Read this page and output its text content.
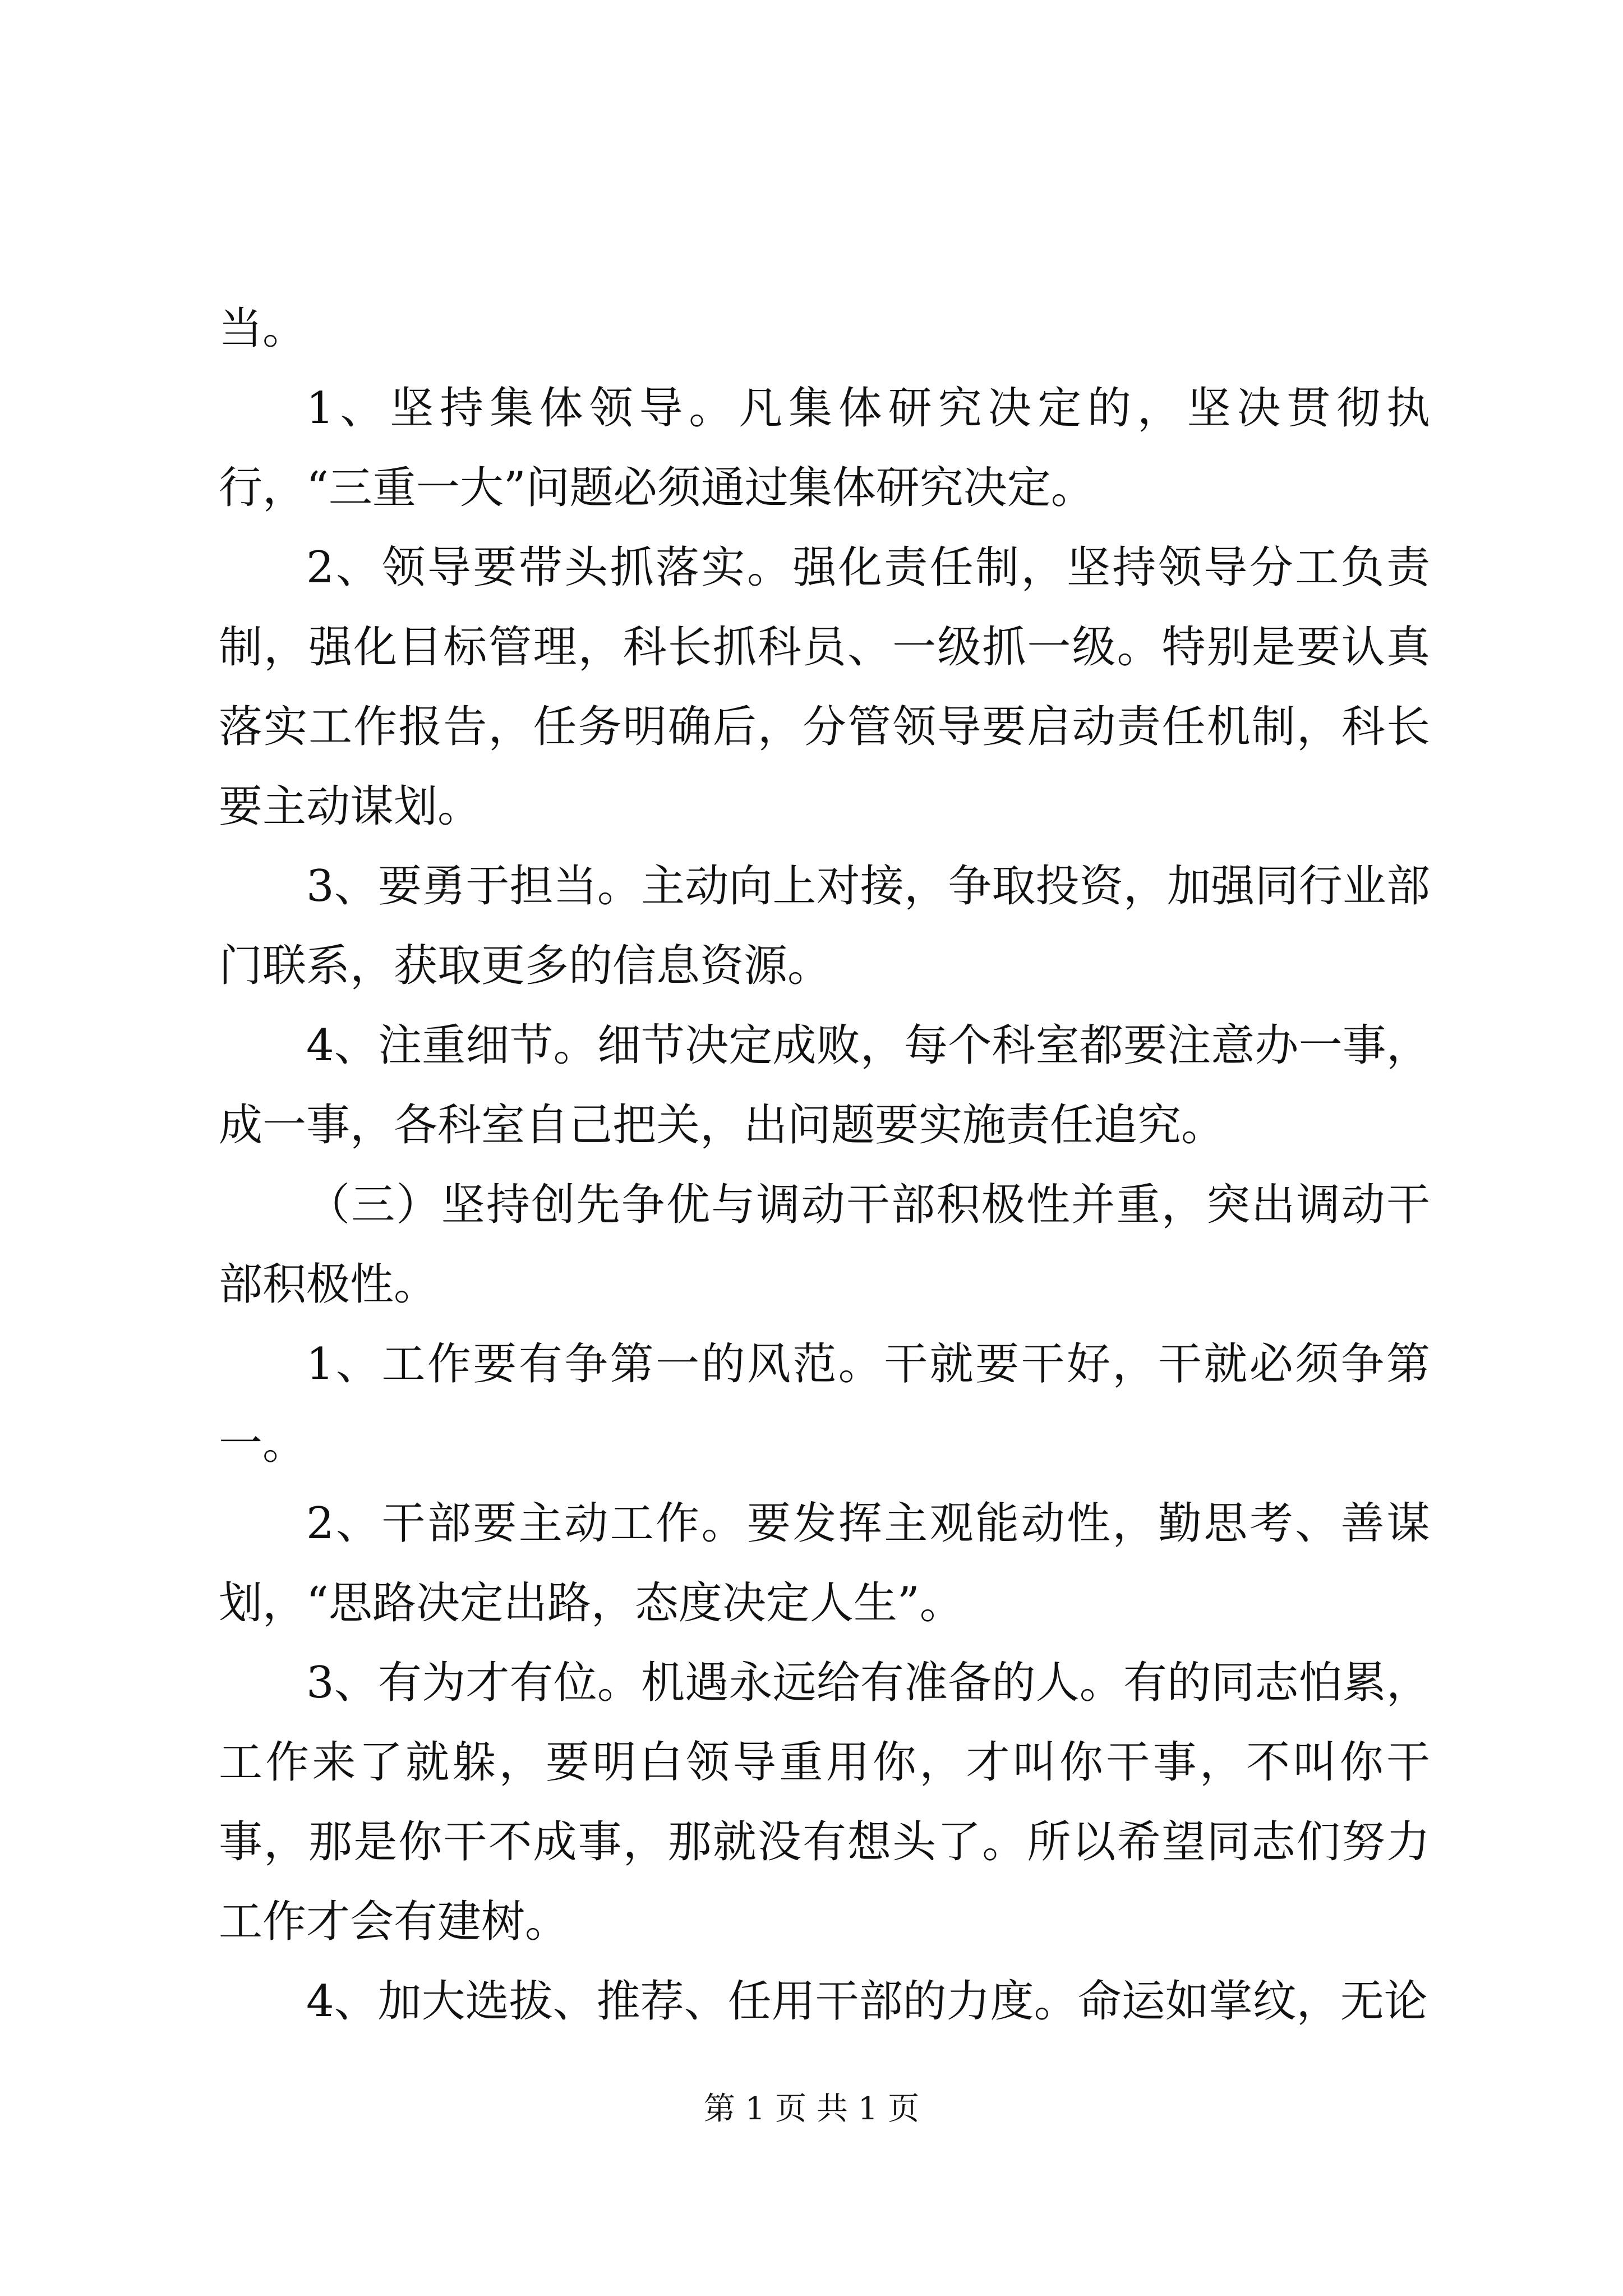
当。

1、坚持集体领导。凡集体研究决定的，坚决贯彻执行，“三重一大”问题必须通过集体研究决定。

2、领导要带头抓落实。强化责任制，坚持领导分工负责制，强化目标管理，科长抓科员、一级抓一级。特别是要认真落实工作报告，任务明确后，分管领导要启动责任机制，科长要主动谋划。

3、要勇于担当。主动向上对接，争取投资，加强同行业部门联系，获取更多的信息资源。

4、注重细节。细节决定成败，每个科室都要注意办一事，成一事，各科室自己把关，出问题要实施责任追究。

（三）坚持创先争优与调动干部积极性并重，突出调动干部积极性。

1、工作要有争第一的风范。干就要干好，干就必须争第一。

2、干部要主动工作。要发挥主观能动性，勤思考、善谋划，“思路决定出路，态度决定人生”。

3、有为才有位。机遇永远给有准备的人。有的同志怕累，工作来了就躲，要明白领导重用你，才叫你干事，不叫你干事，那是你干不成事，那就没有想头了。所以希望同志们努力工作才会有建树。

4、加大选拔、推荐、任用干部的力度。命运如掌纹，无论

第 1 页 共 1 页
